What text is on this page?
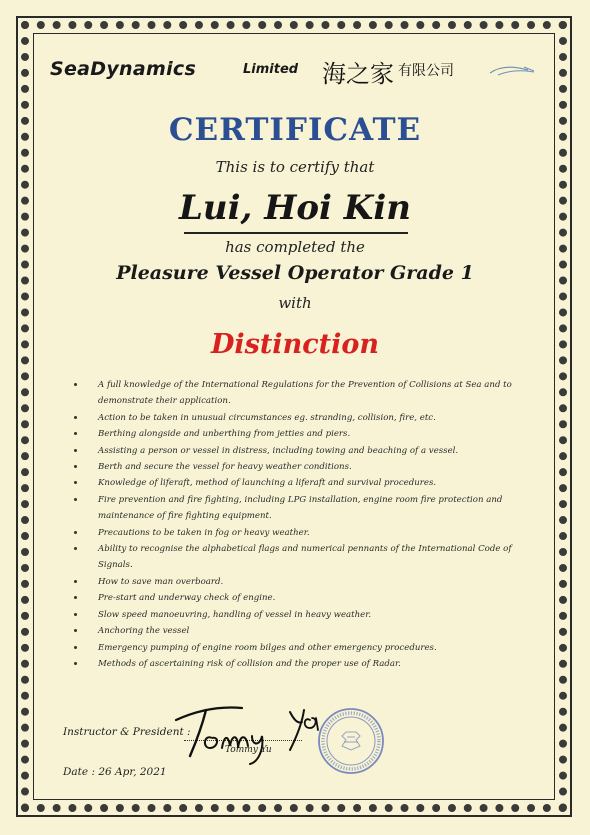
SeaDynamics	Limited 海之家 有限公司
CERTIFICATE
This is to certify that
Lui, Hoi Kin
has completed the
Pleasure Vessel Operator Grade 1
with
Distinction
A full knowledge of the International Regulations for the Prevention of Collisions at Sea and to demonstrate their application.
Action to be taken in unusual circumstances eg. stranding, collision, fire, etc.
Berthing alongside and unberthing from jetties and piers.
Assisting a person or vessel in distress, including towing and beaching of a vessel.
Berth and secure the vessel for heavy weather conditions.
Knowledge of liferaft, method of launching a liferaft and survival procedures.
Fire prevention and fire fighting, including LPG installation, engine room fire protection and maintenance of fire fighting equipment.
Precautions to be taken in fog or heavy weather.
Ability to recognise the alphabetical flags and numerical pennants of the International Code of Signals.
How to save man overboard.
Pre-start and underway check of engine.
Slow speed manoeuvring, handling of vessel in heavy weather.
Anchoring the vessel
Emergency pumping of engine room bilges and other emergency procedures.
Methods of ascertaining risk of collision and the proper use of Radar.
Instructor & President :
Tommy Yu
Date : 26 Apr, 2021
